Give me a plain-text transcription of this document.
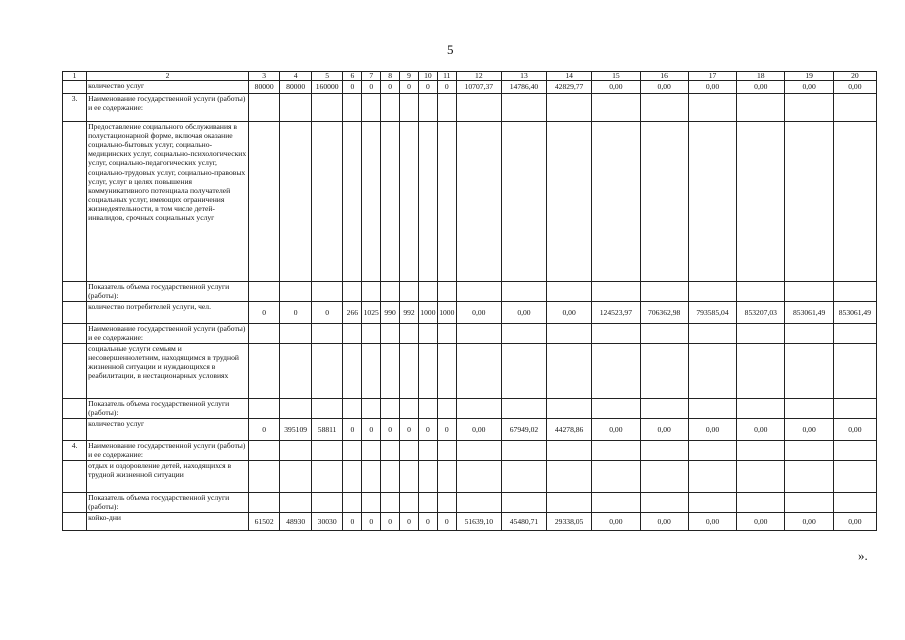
5
1	2	3	4	5	6	7	8	9	10	11	12	13	14	15	16	17	18	19	20
	количество услуг	80000	80000	160000	0	0	0	0	0	0	10707,37	14786,40	42829,77	0,00	0,00	0,00	0,00	0,00	0,00
3.	Наименование государственной услуги (работы) и ее содержание:																		
	Предоставление социального обслуживания в полустационарной форме, включая оказание социально-бытовых услуг, социально-медицинских услуг, социально-психологических услуг, социально-педагогических услуг, социально-трудовых услуг, социально-правовых услуг, услуг в целях повышения коммуникативного потенциала получателей социальных услуг, имеющих ограничения жизнедеятельности, в том числе детей-инвалидов, срочных социальных услуг																		
	Показатель объема государственной услуги (работы):																		
	количество потребителей услуги, чел.	0	0	0	266	1025	990	992	1000	1000	0,00	0,00	0,00	124523,97	706362,98	793585,04	853207,03	853061,49	853061,49
	Наименование государственной услуги (работы) и ее содержание:																		
	социальные услуги семьям и несовершеннолетним, находящимся в трудной жизненной ситуации и нуждающихся в реабилитации, в нестационарных условиях																		
	Показатель объема государственной услуги (работы):																		
	количество услуг	0	395109	58811	0	0	0	0	0	0	0,00	67949,02	44278,86	0,00	0,00	0,00	0,00	0,00	0,00
4.	Наименование государственной услуги (работы) и ее содержание:																		
	отдых и оздоровление детей, находящихся в трудной жизненной ситуации																		
	Показатель объема государственной услуги (работы):																		
	койко-дни	61502	48930	30030	0	0	0	0	0	0	51639,10	45480,71	29338,05	0,00	0,00	0,00	0,00	0,00	0,00
».
